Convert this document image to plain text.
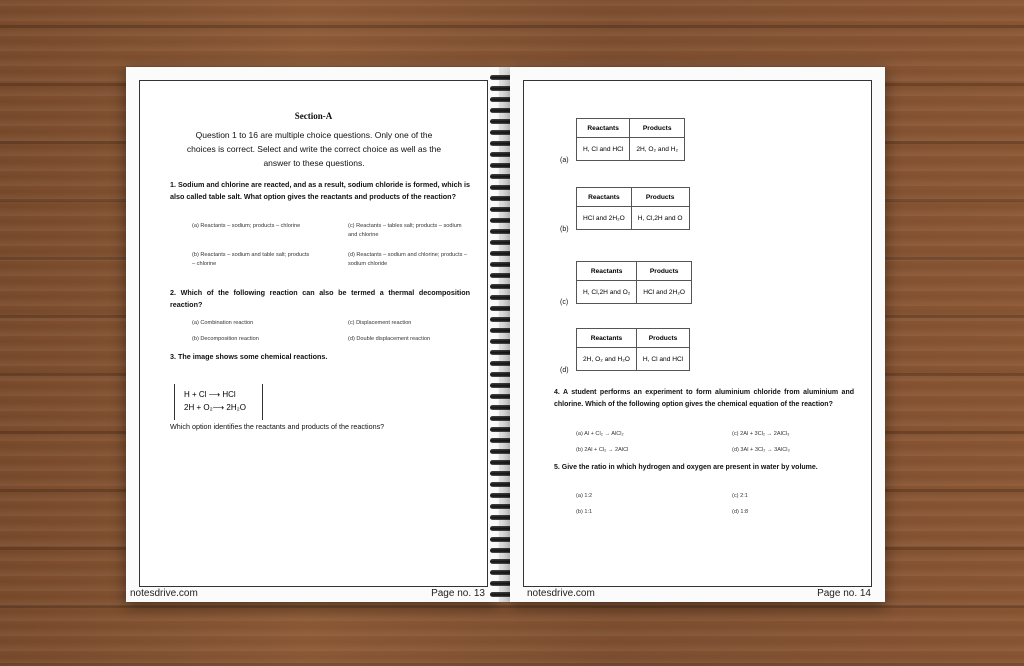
Section-A
Question 1 to 16 are multiple choice questions. Only one of the
choices is correct. Select and write the correct choice as well as the
answer to these questions.
1. Sodium and chlorine are reacted, and as a result, sodium chloride is formed, which is also called table salt. What option gives the reactants and products of the reaction?
(a) Reactants – sodium; products – chlorine	(c) Reactants – tables salt; products – sodium and chlorine
(b) Reactants – sodium and table salt; products – chlorine
(d) Reactants – sodium and chlorine; products – sodium chloride
2. Which of the following reaction can also be termed a thermal decomposition reaction?
(a) Combination reaction	(c) Displacement reaction
(b) Decomposition reaction	(d) Double displacement reaction
3. The image shows some chemical reactions.
H + Cl ⟶ HCl
2H + O₂⟶ 2H₂O
Which option identifies the reactants and products of the reactions?
notesdrive.com	Page no. 13
(a)
Reactants	Products
H, Cl and HCl	2H, O₂ and H₂
(b)
Reactants	Products
HCl and 2H₂O	H, Cl,2H and O
(c)
Reactants	Products
H, Cl,2H and O₂	HCl and 2H₂O
(d)
Reactants	Products
2H, O₂ and H₂O	H, Cl and HCl
4. A student performs an experiment to form aluminium chloride from aluminium and chlorine. Which of the following option gives the chemical equation of the reaction?
(a) Al + Cl₂ → AlCl₂	(c) 2Al + 3Cl₂ → 2AlCl₃
(b) 2Al + Cl₂ → 2AlCl	(d) 3Al + 3Cl₂ → 3AlCl₃
5. Give the ratio in which hydrogen and oxygen are present in water by volume.
(a) 1:2	(c) 2:1
(b) 1:1	(d) 1:8
notesdrive.com	Page no. 14
